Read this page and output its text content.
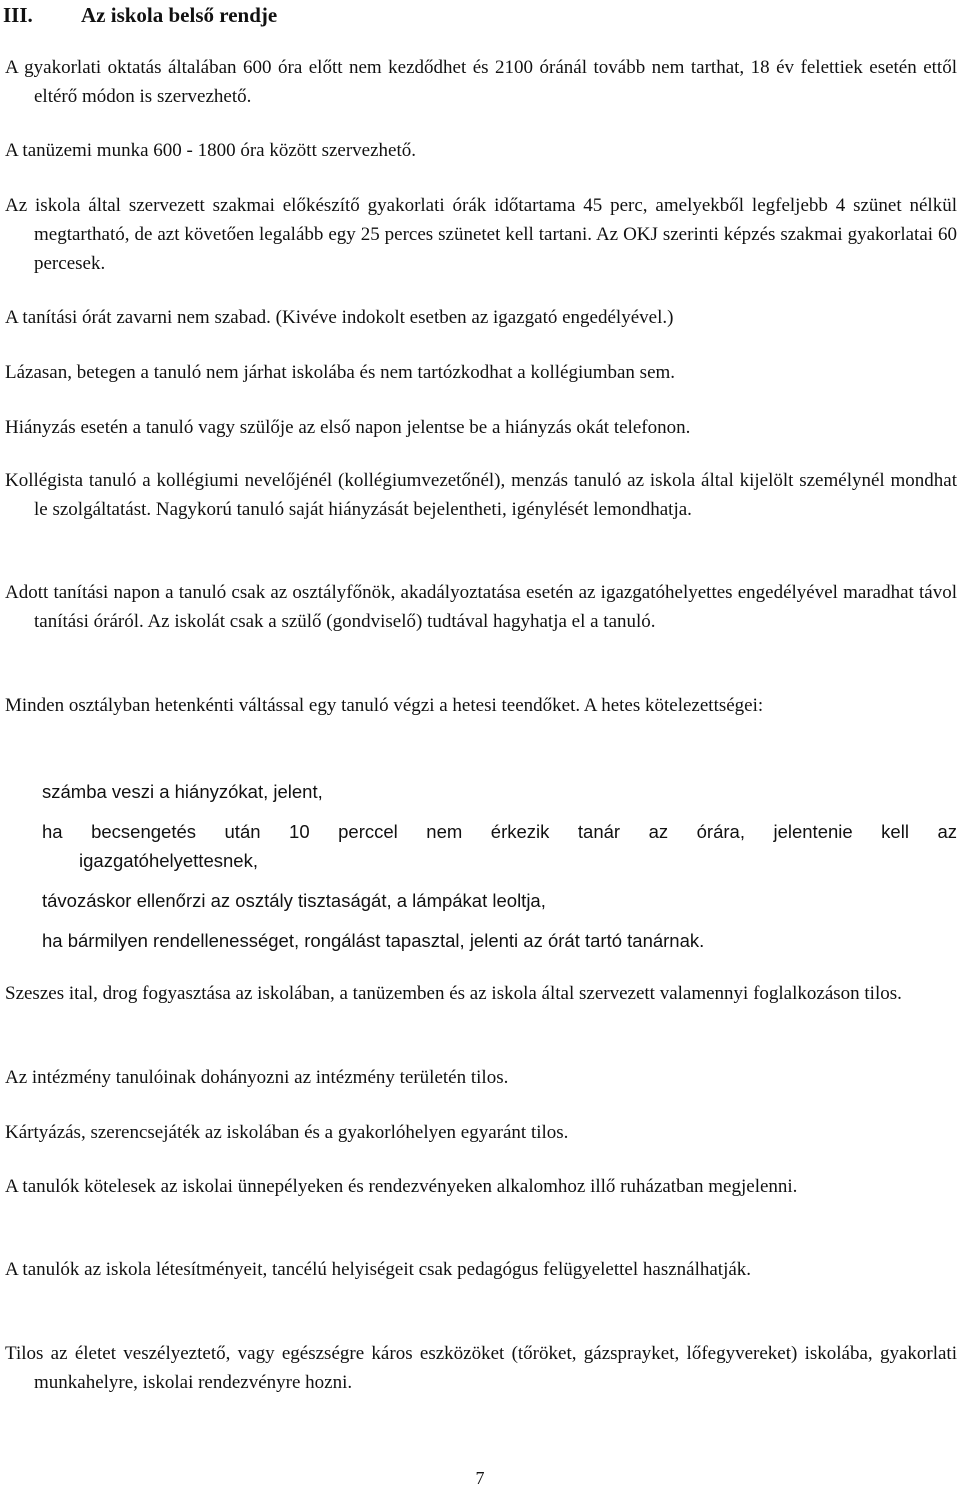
III.	Az iskola belső rendje

A gyakorlati oktatás általában 600 óra előtt nem kezdődhet és 2100 óránál tovább nem tarthat, 18 év felettiek esetén ettől eltérő módon is szervezhető.

A tanüzemi munka 600 - 1800 óra között szervezhető.

Az iskola által szervezett szakmai előkészítő gyakorlati órák időtartama 45 perc, amelyekből legfeljebb 4 szünet nélkül megtartható, de azt követően legalább egy 25 perces szünetet kell tartani. Az OKJ szerinti képzés szakmai gyakorlatai 60 percesek.

A tanítási órát zavarni nem szabad. (Kivéve indokolt esetben az igazgató engedélyével.)

Lázasan, betegen a tanuló nem járhat iskolába és nem tartózkodhat a kollégiumban sem.

Hiányzás esetén a tanuló vagy szülője az első napon jelentse be a hiányzás okát telefonon.

Kollégista tanuló a kollégiumi nevelőjénél (kollégiumvezetőnél), menzás tanuló az iskola által kijelölt személynél mondhat le szolgáltatást. Nagykorú tanuló saját hiányzását bejelentheti, igénylését lemondhatja.

Adott tanítási napon a tanuló csak az osztályfőnök, akadályoztatása esetén az igazgatóhelyettes engedélyével maradhat távol tanítási óráról. Az iskolát csak a szülő (gondviselő) tudtával hagyhatja el a tanuló.

Minden osztályban hetenkénti váltással egy tanuló végzi a hetesi teendőket. A hetes kötelezettségei:

számba veszi a hiányzókat, jelent,
ha becsengetés után 10 perccel nem érkezik tanár az órára, jelentenie kell az
igazgatóhelyettesnek,
távozáskor ellenőrzi az osztály tisztaságát, a lámpákat leoltja,
ha bármilyen rendellenességet, rongálást tapasztal, jelenti az órát tartó tanárnak.

Szeszes ital, drog fogyasztása az iskolában, a tanüzemben és az iskola által szervezett valamennyi foglalkozáson tilos.

Az intézmény tanulóinak dohányozni az intézmény területén tilos.

Kártyázás, szerencsejáték az iskolában és a gyakorlóhelyen egyaránt tilos.

A tanulók kötelesek az iskolai ünnepélyeken és rendezvényeken alkalomhoz illő ruházatban megjelenni.

A tanulók az iskola létesítményeit, tancélú helyiségeit csak pedagógus felügyelettel használhatják.

Tilos az életet veszélyeztető, vagy egészségre káros eszközöket (tőröket, gázsprayket, lőfegyvereket) iskolába, gyakorlati munkahelyre, iskolai rendezvényre hozni.

7
